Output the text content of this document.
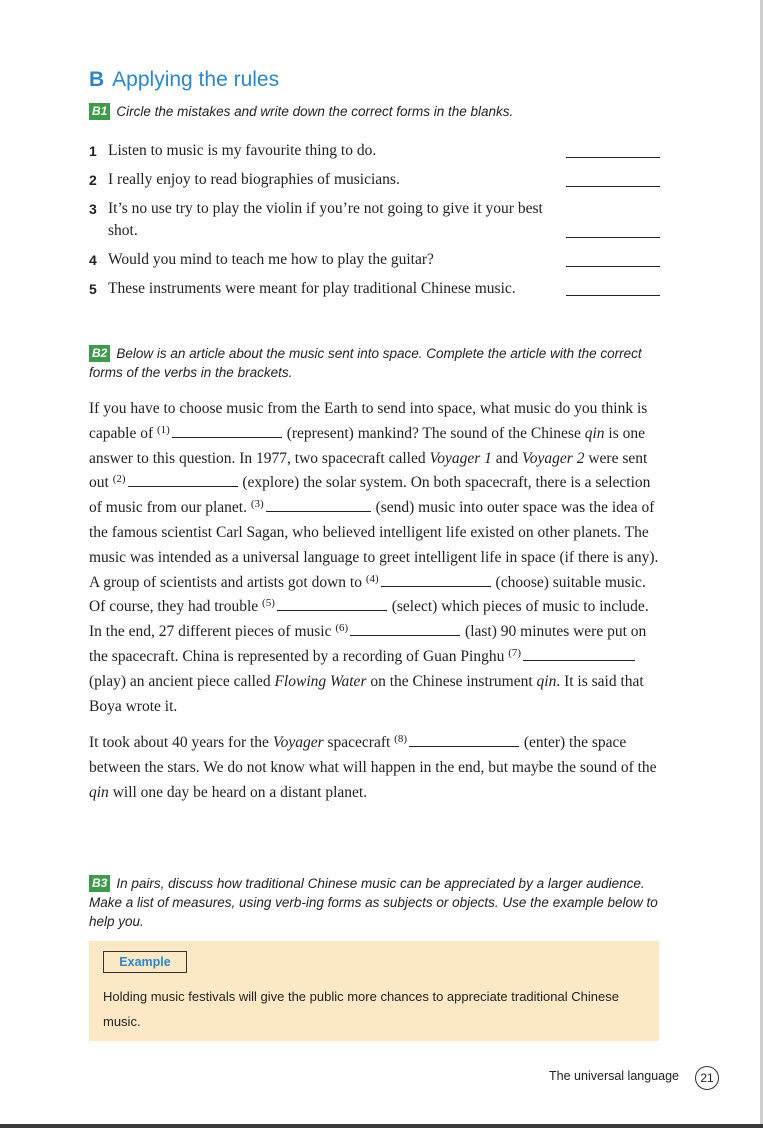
B Applying the rules
B1 Circle the mistakes and write down the correct forms in the blanks.
1 Listen to music is my favourite thing to do.
2 I really enjoy to read biographies of musicians.
3 It’s no use try to play the violin if you’re not going to give it your best shot.
4 Would you mind to teach me how to play the guitar?
5 These instruments were meant for play traditional Chinese music.
B2 Below is an article about the music sent into space. Complete the article with the correct forms of the verbs in the brackets.

If you have to choose music from the Earth to send into space, what music do you think is capable of $^{(1)}$	(represent) mankind? The sound of the Chinese qin is one answer to this question. In 1977, two spacecraft called Voyager 1 and Voyager 2 were sent out $^{(2)}$	(explore) the solar system. On both spacecraft, there is a selection of music from our planet. $^{(3)}$	(send) music into outer space was the idea of the famous scientist Carl Sagan, who believed intelligent life existed on other planets. The music was intended as a universal language to greet intelligent life in space (if there is any). A group of scientists and artists got down to $^{(4)}$	(choose) suitable music. Of course, they had trouble $^{(5)}$	(select) which pieces of music to include. In the end, 27 different pieces of music $^{(6)}$	(last) 90 minutes were put on the spacecraft. China is represented by a recording of Guan Pinghu $^{(7)}$ (play) an ancient piece called Flowing Water on the Chinese instrument qin. It is said that Boya wrote it.

It took about 40 years for the Voyager spacecraft $^{(8)}$	(enter) the space between the stars. We do not know what will happen in the end, but maybe the sound of the qin will one day be heard on a distant planet.

B3 In pairs, discuss how traditional Chinese music can be appreciated by a larger audience. Make a list of measures, using verb-ing forms as subjects or objects. Use the example below to help you.
Example
Holding music festivals will give the public more chances to appreciate traditional Chinese music.
The universal language	21
